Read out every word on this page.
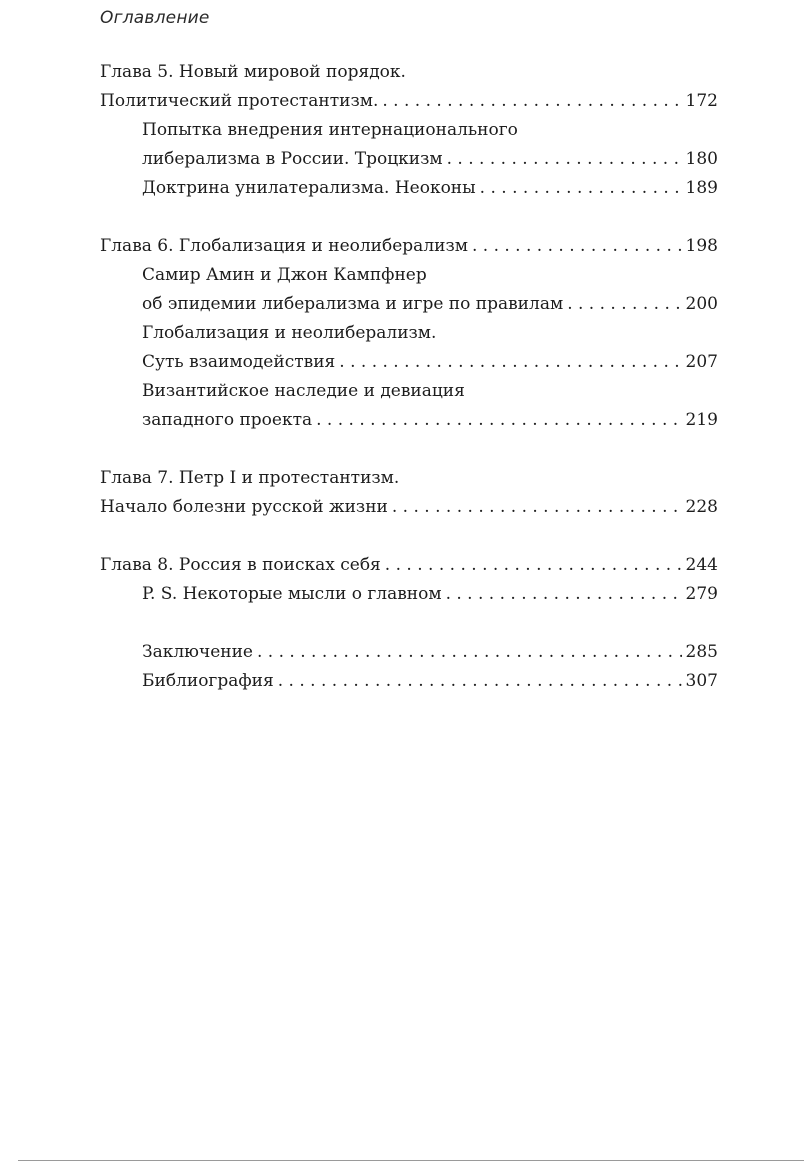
Оглавление
Глава 5. Новый мировой порядок.
Политический протестантизм. . . .	172
Попытка внедрения интернационального
либерализма в России. Троцкизм . . .	180
Доктрина унилатерализма. Неоконы . . .	189
Глава 6. Глобализация и неолиберализм . . .	198
Самир Амин и Джон Кампфнер
об эпидемии либерализма и игре по правилам . . .	200
Глобализация и неолиберализм.
Суть взаимодействия . . .	207
Византийское наследие и девиация
западного проекта . . .	219
Глава 7. Петр I и протестантизм.
Начало болезни русской жизни . . .	228
Глава 8. Россия в поисках себя . . .	244
P. S. Некоторые мысли о главном . . .	279
Заключение . . .	285
Библиография . . .	307
